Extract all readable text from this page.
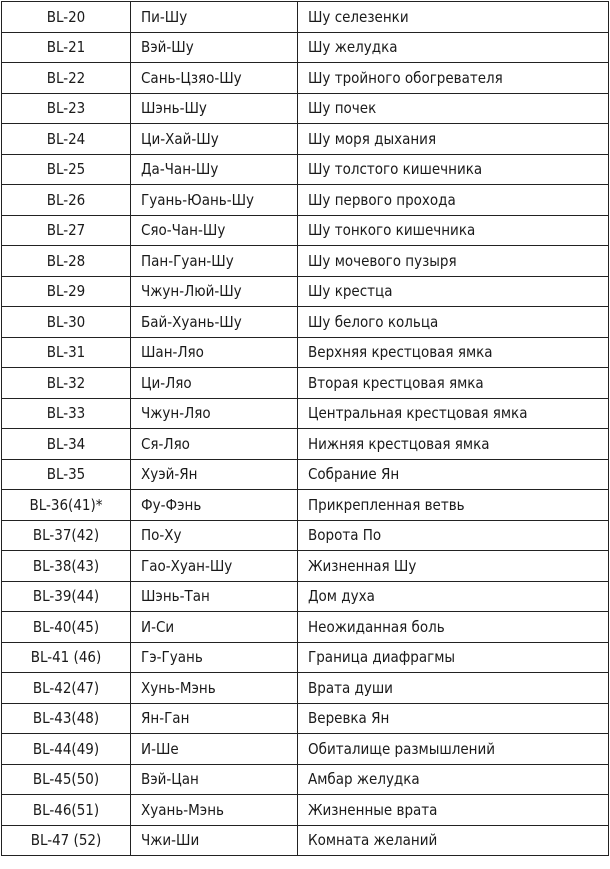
BL-20	Пи-Шу	Шу селезенки
BL-21	Вэй-Шу	Шу желудка
BL-22	Сань-Цзяо-Шу	Шу тройного обогревателя
BL-23	Шэнь-Шу	Шу почек
BL-24	Ци-Хай-Шу	Шу моря дыхания
BL-25	Да-Чан-Шу	Шу толстого кишечника
BL-26	Гуань-Юань-Шу	Шу первого прохода
BL-27	Сяо-Чан-Шу	Шу тонкого кишечника
BL-28	Пан-Гуан-Шу	Шу мочевого пузыря
BL-29	Чжун-Люй-Шу	Шу крестца
BL-30	Бай-Хуань-Шу	Шу белого кольца
BL-31	Шан-Ляо	Верхняя крестцовая ямка
BL-32	Ци-Ляо	Вторая крестцовая ямка
BL-33	Чжун-Ляо	Центральная крестцовая ямка
BL-34	Ся-Ляо	Нижняя крестцовая ямка
BL-35	Хуэй-Ян	Собрание Ян
BL-36(41)*	Фу-Фэнь	Прикрепленная ветвь
BL-37(42)	По-Ху	Ворота По
BL-38(43)	Гао-Хуан-Шу	Жизненная Шу
BL-39(44)	Шэнь-Тан	Дом духа
BL-40(45)	И-Си	Неожиданная боль
BL-41 (46)	Гэ-Гуань	Граница диафрагмы
BL-42(47)	Хунь-Мэнь	Врата души
BL-43(48)	Ян-Ган	Веревка Ян
BL-44(49)	И-Ше	Обиталище размышлений
BL-45(50)	Вэй-Цан	Амбар желудка
BL-46(51)	Хуань-Мэнь	Жизненные врата
BL-47 (52)	Чжи-Ши	Комната желаний
